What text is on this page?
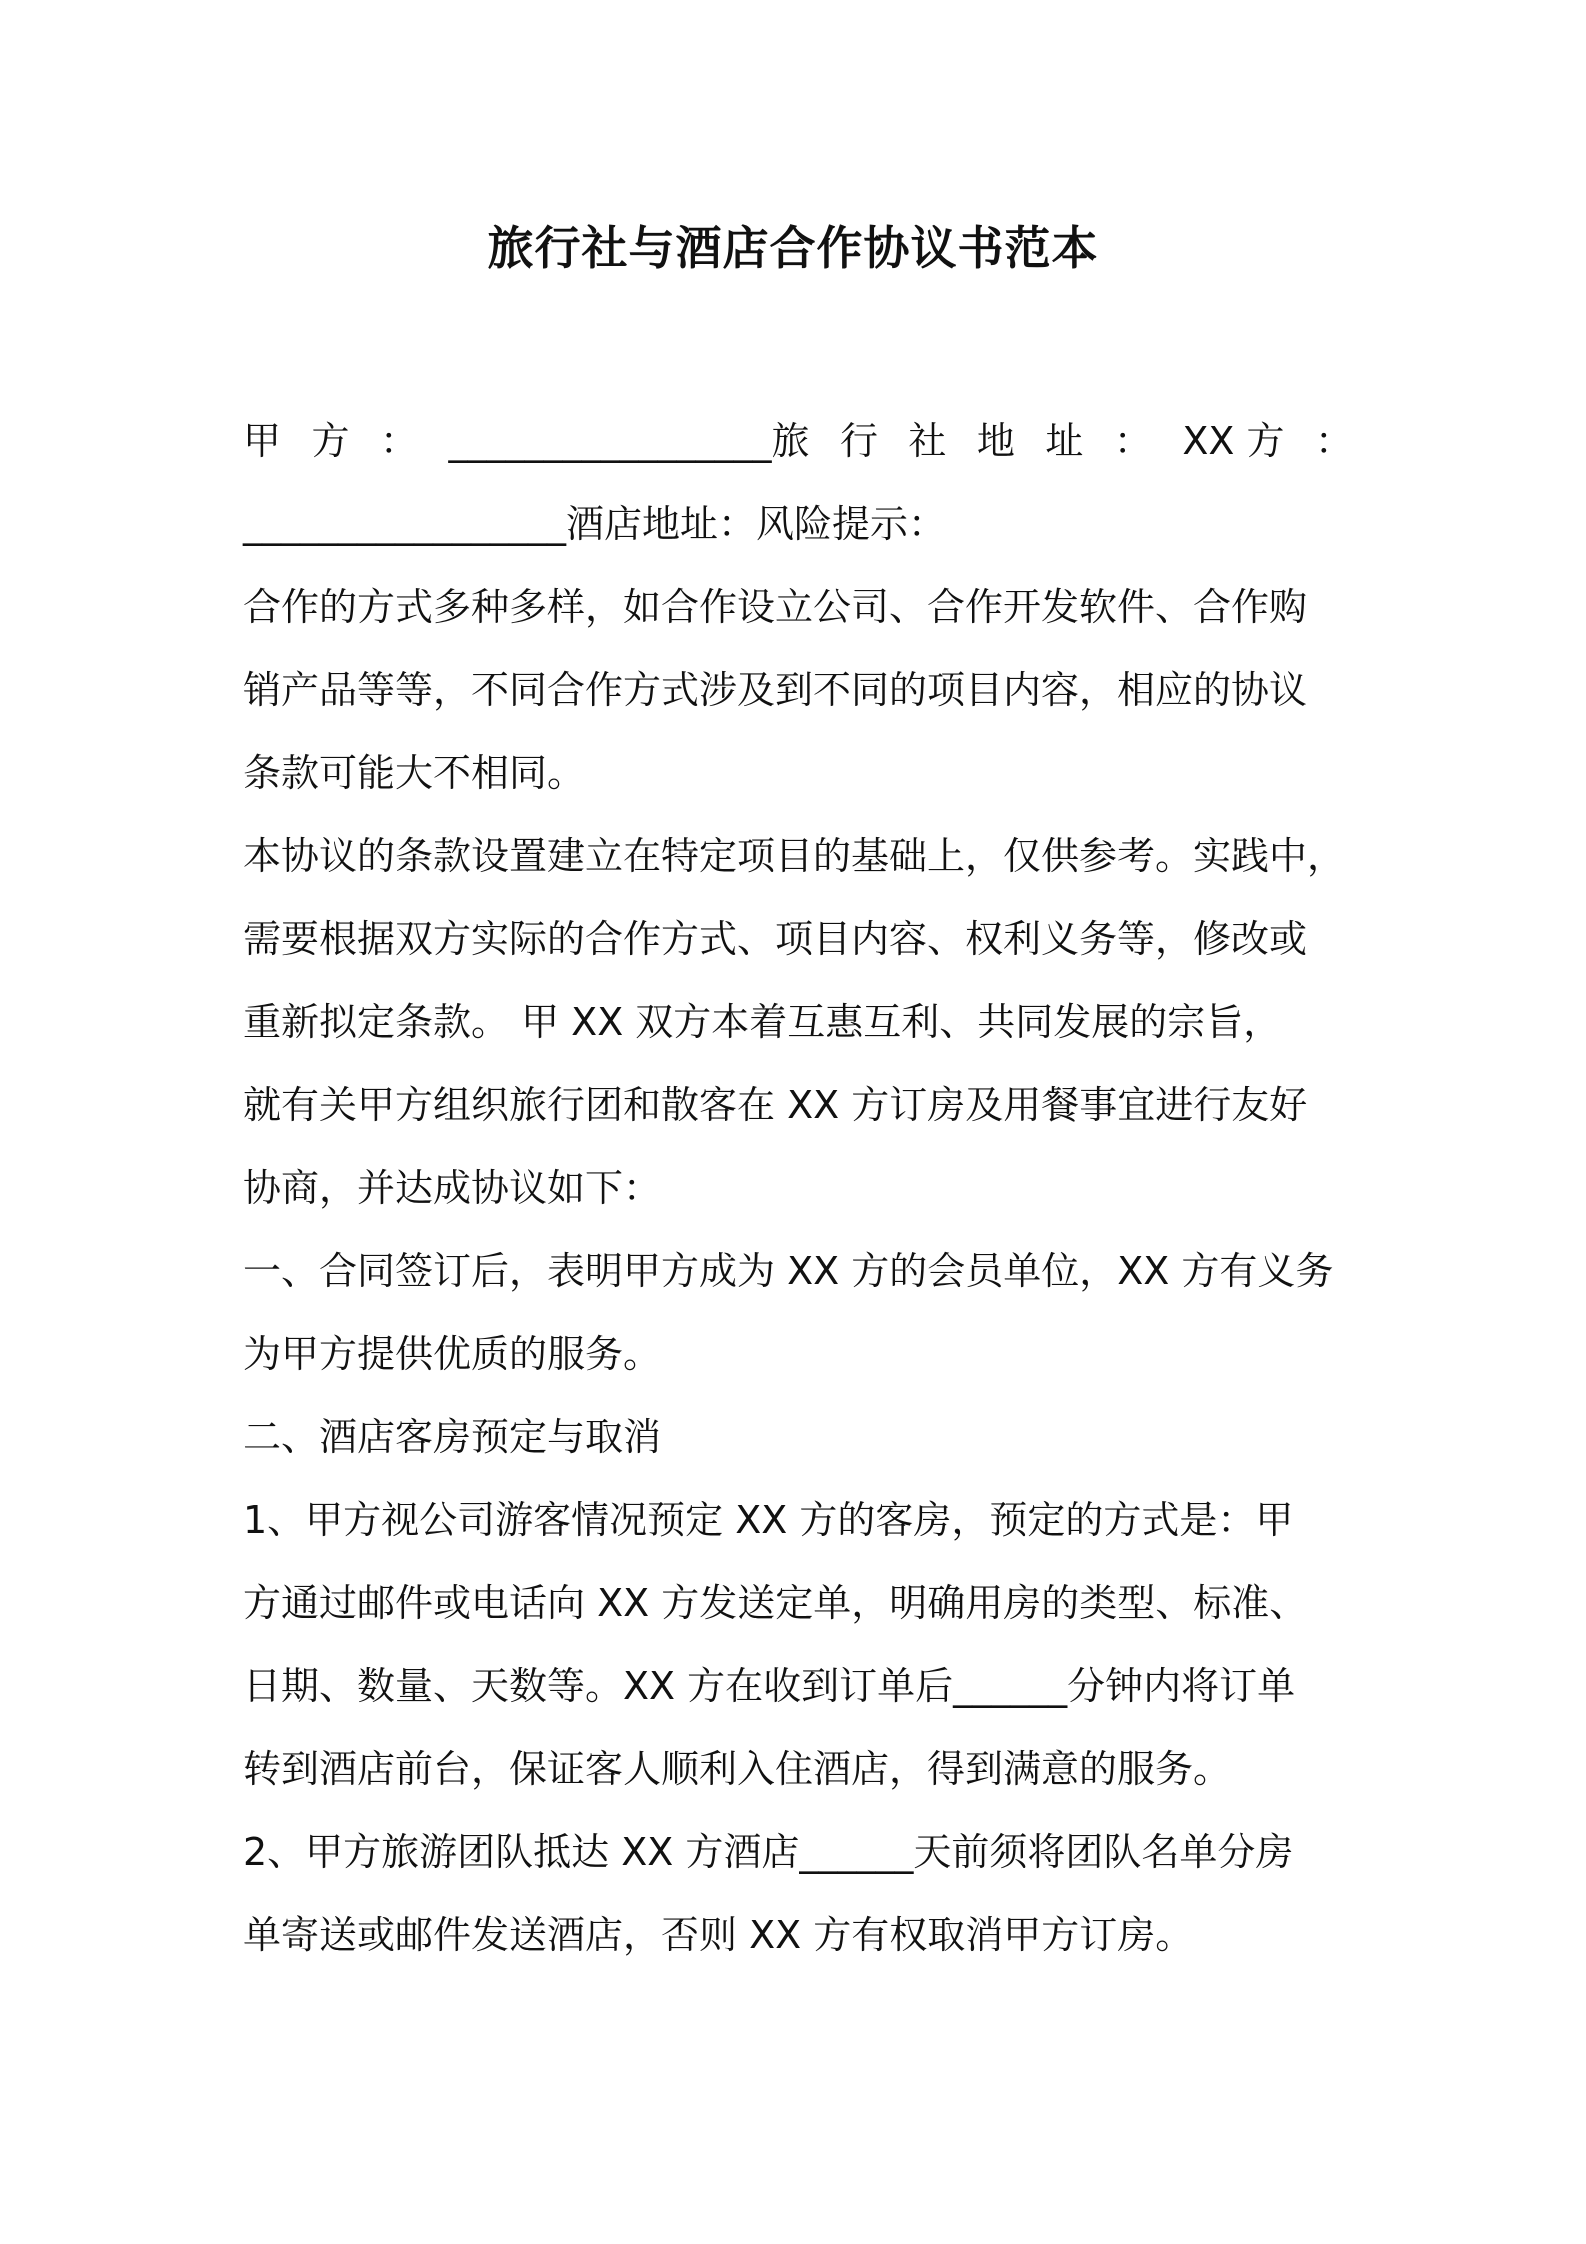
旅行社与酒店合作协议书范本
甲 方 ： _________________旅 行 社 地 址 ： XX 方 ：
_________________酒店地址：风险提示：
合作的方式多种多样，如合作设立公司、合作开发软件、合作购
销产品等等，不同合作方式涉及到不同的项目内容，相应的协议
条款可能大不相同。
本协议的条款设置建立在特定项目的基础上，仅供参考。实践中，
需要根据双方实际的合作方式、项目内容、权利义务等，修改或
重新拟定条款。 甲 XX 双方本着互惠互利、共同发展的宗旨，
就有关甲方组织旅行团和散客在 XX 方订房及用餐事宜进行友好
协商，并达成协议如下：
一、合同签订后，表明甲方成为 XX 方的会员单位，XX 方有义务
为甲方提供优质的服务。
二、酒店客房预定与取消
1、甲方视公司游客情况预定 XX 方的客房，预定的方式是：甲
方通过邮件或电话向 XX 方发送定单，明确用房的类型、标准、
日期、数量、天数等。XX 方在收到订单后______分钟内将订单
转到酒店前台，保证客人顺利入住酒店，得到满意的服务。
2、甲方旅游团队抵达 XX 方酒店______天前须将团队名单分房
单寄送或邮件发送酒店，否则 XX 方有权取消甲方订房。
